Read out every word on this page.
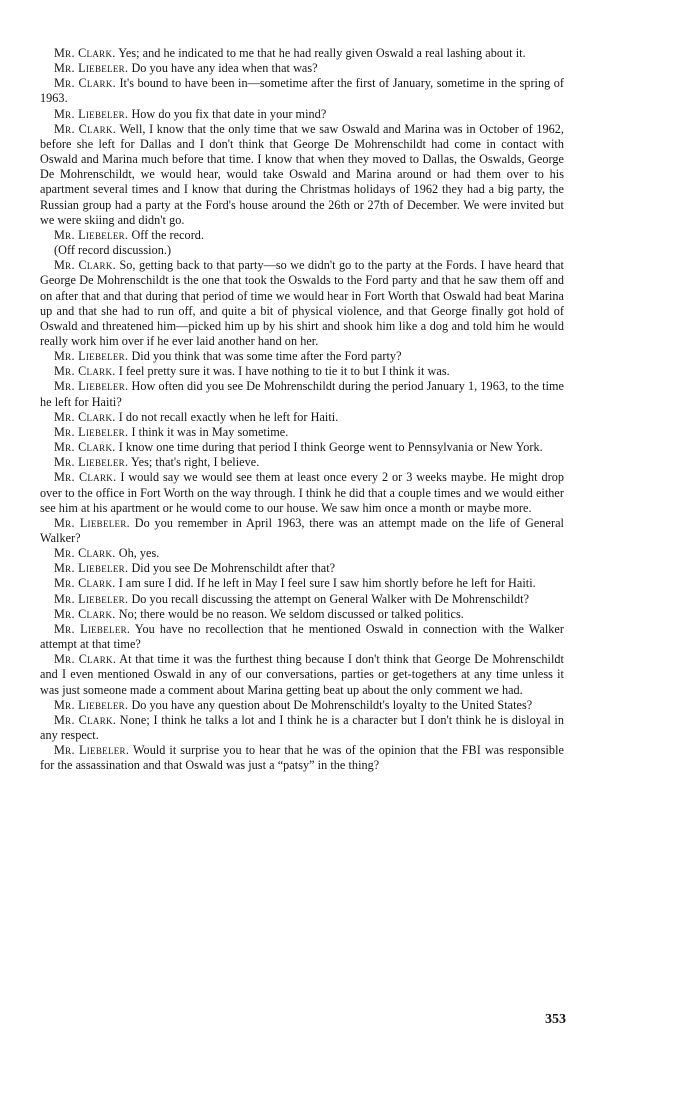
Mr. Clark. Yes; and he indicated to me that he had really given Oswald a real lashing about it.

Mr. Liebeler. Do you have any idea when that was?

Mr. Clark. It's bound to have been in—sometime after the first of January, sometime in the spring of 1963.

Mr. Liebeler. How do you fix that date in your mind?

Mr. Clark. Well, I know that the only time that we saw Oswald and Marina was in October of 1962, before she left for Dallas and I don't think that George De Mohrenschildt had come in contact with Oswald and Marina much before that time. I know that when they moved to Dallas, the Oswalds, George De Mohrenschildt, we would hear, would take Oswald and Marina around or had them over to his apartment several times and I know that during the Christmas holidays of 1962 they had a big party, the Russian group had a party at the Ford's house around the 26th or 27th of December. We were invited but we were skiing and didn't go.

Mr. Liebeler. Off the record.

(Off record discussion.)

Mr. Clark. So, getting back to that party—so we didn't go to the party at the Fords. I have heard that George De Mohrenschildt is the one that took the Oswalds to the Ford party and that he saw them off and on after that and that during that period of time we would hear in Fort Worth that Oswald had beat Marina up and that she had to run off, and quite a bit of physical violence, and that George finally got hold of Oswald and threatened him—picked him up by his shirt and shook him like a dog and told him he would really work him over if he ever laid another hand on her.

Mr. Liebeler. Did you think that was some time after the Ford party?

Mr. Clark. I feel pretty sure it was. I have nothing to tie it to but I think it was.

Mr. Liebeler. How often did you see De Mohrenschildt during the period January 1, 1963, to the time he left for Haiti?

Mr. Clark. I do not recall exactly when he left for Haiti.

Mr. Liebeler. I think it was in May sometime.

Mr. Clark. I know one time during that period I think George went to Pennsylvania or New York.

Mr. Liebeler. Yes; that's right, I believe.

Mr. Clark. I would say we would see them at least once every 2 or 3 weeks maybe. He might drop over to the office in Fort Worth on the way through. I think he did that a couple times and we would either see him at his apartment or he would come to our house. We saw him once a month or maybe more.

Mr. Liebeler. Do you remember in April 1963, there was an attempt made on the life of General Walker?

Mr. Clark. Oh, yes.

Mr. Liebeler. Did you see De Mohrenschildt after that?

Mr. Clark. I am sure I did. If he left in May I feel sure I saw him shortly before he left for Haiti.

Mr. Liebeler. Do you recall discussing the attempt on General Walker with De Mohrenschildt?

Mr. Clark. No; there would be no reason. We seldom discussed or talked politics.

Mr. Liebeler. You have no recollection that he mentioned Oswald in connection with the Walker attempt at that time?

Mr. Clark. At that time it was the furthest thing because I don't think that George De Mohrenschildt and I even mentioned Oswald in any of our conversations, parties or get-togethers at any time unless it was just someone made a comment about Marina getting beat up about the only comment we had.

Mr. Liebeler. Do you have any question about De Mohrenschildt's loyalty to the United States?

Mr. Clark. None; I think he talks a lot and I think he is a character but I don't think he is disloyal in any respect.

Mr. Liebeler. Would it surprise you to hear that he was of the opinion that the FBI was responsible for the assassination and that Oswald was just a “patsy” in the thing?

353
